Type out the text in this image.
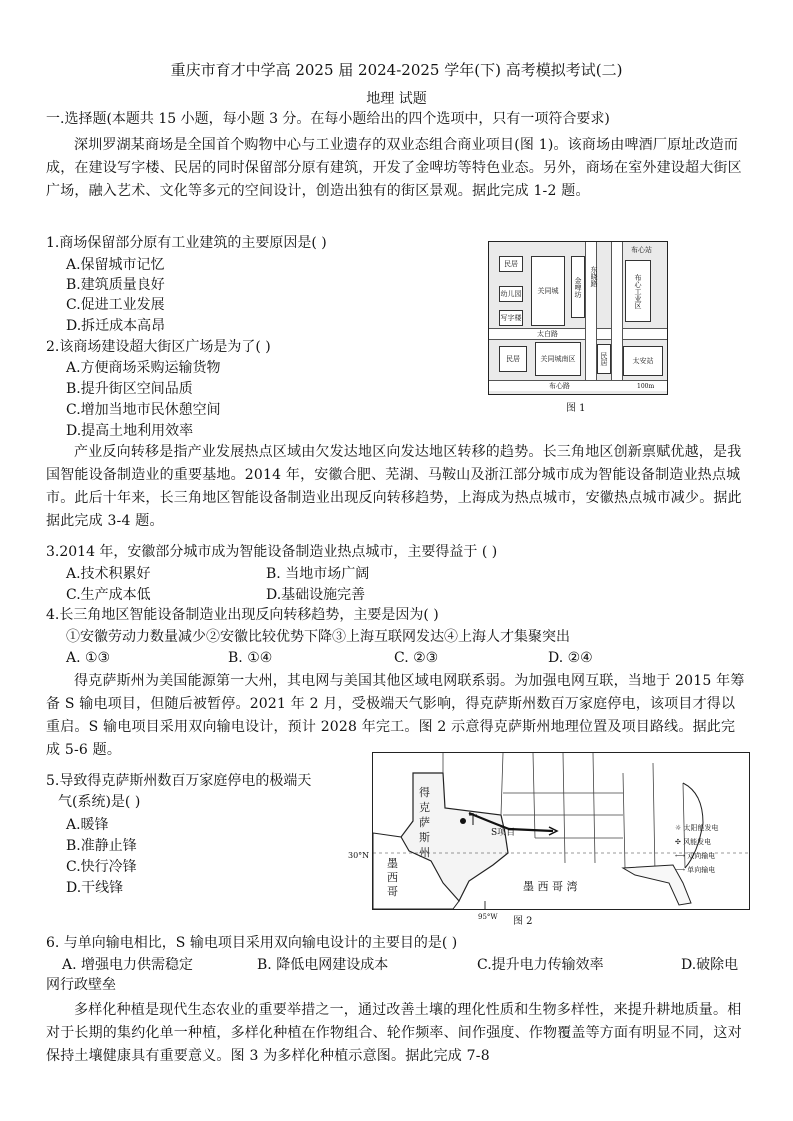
重庆市育才中学高 2025 届 2024-2025 学年(下) 高考模拟考试(二)
地理 试题
一.选择题(本题共 15 小题，每小题 3 分。在每小题给出的四个选项中，只有一项符合要求)
深圳罗湖某商场是全国首个购物中心与工业遗存的双业态组合商业项目(图 1)。该商场由啤酒厂原址改造而成，在建设写字楼、民居的同时保留部分原有建筑，开发了金啤坊等特色业态。另外，商场在室外建设超大街区广场，融入艺术、文化等多元的空间设计，创造出独有的街区景观。据此完成 1-2 题。
1.商场保留部分原有工业建筑的主要原因是( )
A.保留城市记忆
B.建筑质量良好
C.促进工业发展
D.拆迁成本高昂
2.该商场建设超大街区广场是为了( )
A.方便商场采购运输货物
B.提升街区空间品质
C.增加当地市民休憩空间
D.提高土地利用效率
民居
幼儿园
写字楼
关同城	金啤坊	东晓路
太白路
布心路
民居	关同城南区	民居
布心工业区
布心站
太安站
100m
图 1
产业反向转移是指产业发展热点区域由欠发达地区向发达地区转移的趋势。长三角地区创新禀赋优越，是我国智能设备制造业的重要基地。2014 年，安徽合肥、芜湖、马鞍山及浙江部分城市成为智能设备制造业热点城市。此后十年来，长三角地区智能设备制造业出现反向转移趋势，上海成为热点城市，安徽热点城市减少。据此据此完成 3-4 题。
3.2014 年，安徽部分城市成为智能设备制造业热点城市，主要得益于 ( )
A.技术积累好	B. 当地市场广阔
C.生产成本低	D.基础设施完善
4.长三角地区智能设备制造业出现反向转移趋势，主要是因为( )
①安徽劳动力数量减少②安徽比较优势下降③上海互联网发达④上海人才集聚突出
A. ①③	B. ①④	C. ②③	D. ②④
得克萨斯州为美国能源第一大州，其电网与美国其他区域电网联系弱。为加强电网互联，当地于 2015 年筹备 S 输电项目，但随后被暂停。2021 年 2 月，受极端天气影响，得克萨斯州数百万家庭停电，该项目才得以重启。S 输电项目采用双向输电设计，预计 2028 年完工。图 2 示意得克萨斯州地理位置及项目路线。据此完成 5-6 题。
5.导致得克萨斯州数百万家庭停电的极端天
气(系统)是( )
A.暖锋
B.准静止锋
C.快行冷锋
D.干线锋
得
克
萨
斯
州
墨
西
哥	墨 西 哥 湾
S项目	☼ 太阳能发电
✣ 风能发电
⟷ 双向输电
⟶ 单向输电
30°N
95°W 图 2
6. 与单向输电相比，S 输电项目采用双向输电设计的主要目的是( )
A. 增强电力供需稳定	B. 降低电网建设成本	C.提升电力传输效率	D.破除电
网行政壁垒
多样化种植是现代生态农业的重要举措之一，通过改善土壤的理化性质和生物多样性，来提升耕地质量。相对于长期的集约化单一种植，多样化种植在作物组合、轮作频率、间作强度、作物覆盖等方面有明显不同，这对保持土壤健康具有重要意义。图 3 为多样化种植示意图。据此完成 7-8
